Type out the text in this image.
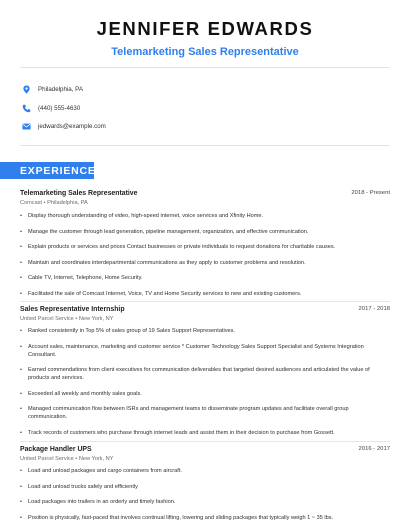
JENNIFER EDWARDS
Telemarketing Sales Representative
Philadelphia, PA
(440) 555-4630
jedwards@example.com
EXPERIENCE
Telemarketing Sales Representative	2018 - Present
Comcast • Philadelphia, PA
• Display thorough understanding of video, high-speed internet, voice services and Xfinity Home.
• Manage the customer through lead generation, pipeline management, organization, and effective communication.
• Explain products or services and prices Contact businesses or private individuals to request donations for charitable causes.
• Maintain and coordinates interdepartmental communications as they apply to customer problems and resolution.
• Cable TV, Internet, Telephone, Home Security.
• Facilitated the sale of Comcast Internet, Voice, TV and Home Security services to new and existing customers.
Sales Representative Internship	2017 - 2018
United Parcel Service • New York, NY
• Ranked consistently in Top 5% of sales group of 19 Sales Support Representatives.
• Account sales, maintenance, marketing and customer service * Customer Technology Sales Support Specialist and Systems Integration Consultant.
• Earned commendations from client executives for communication deliverables that targeted desired audiences and articulated the value of products and services.
• Exceeded all weekly and monthly sales goals.
• Managed communication flow between ISRs and management teams to disseminate program updates and facilitate overall group communication.
• Track records of customers who purchase through internet leads and assist them in their decision to purchase from Gossett.
Package Handler UPS	2016 - 2017
United Parcel Service • New York, NY
• Load and unload packages and cargo containers from aircraft.
• Load and unload trucks safely and efficiently
• Load packages into trailers in an orderly and timely fashion.
• Position is physically, fast-paced that involves continual lifting, lowering and sliding packages that typically weigh 1 ~ 35 lbs.
